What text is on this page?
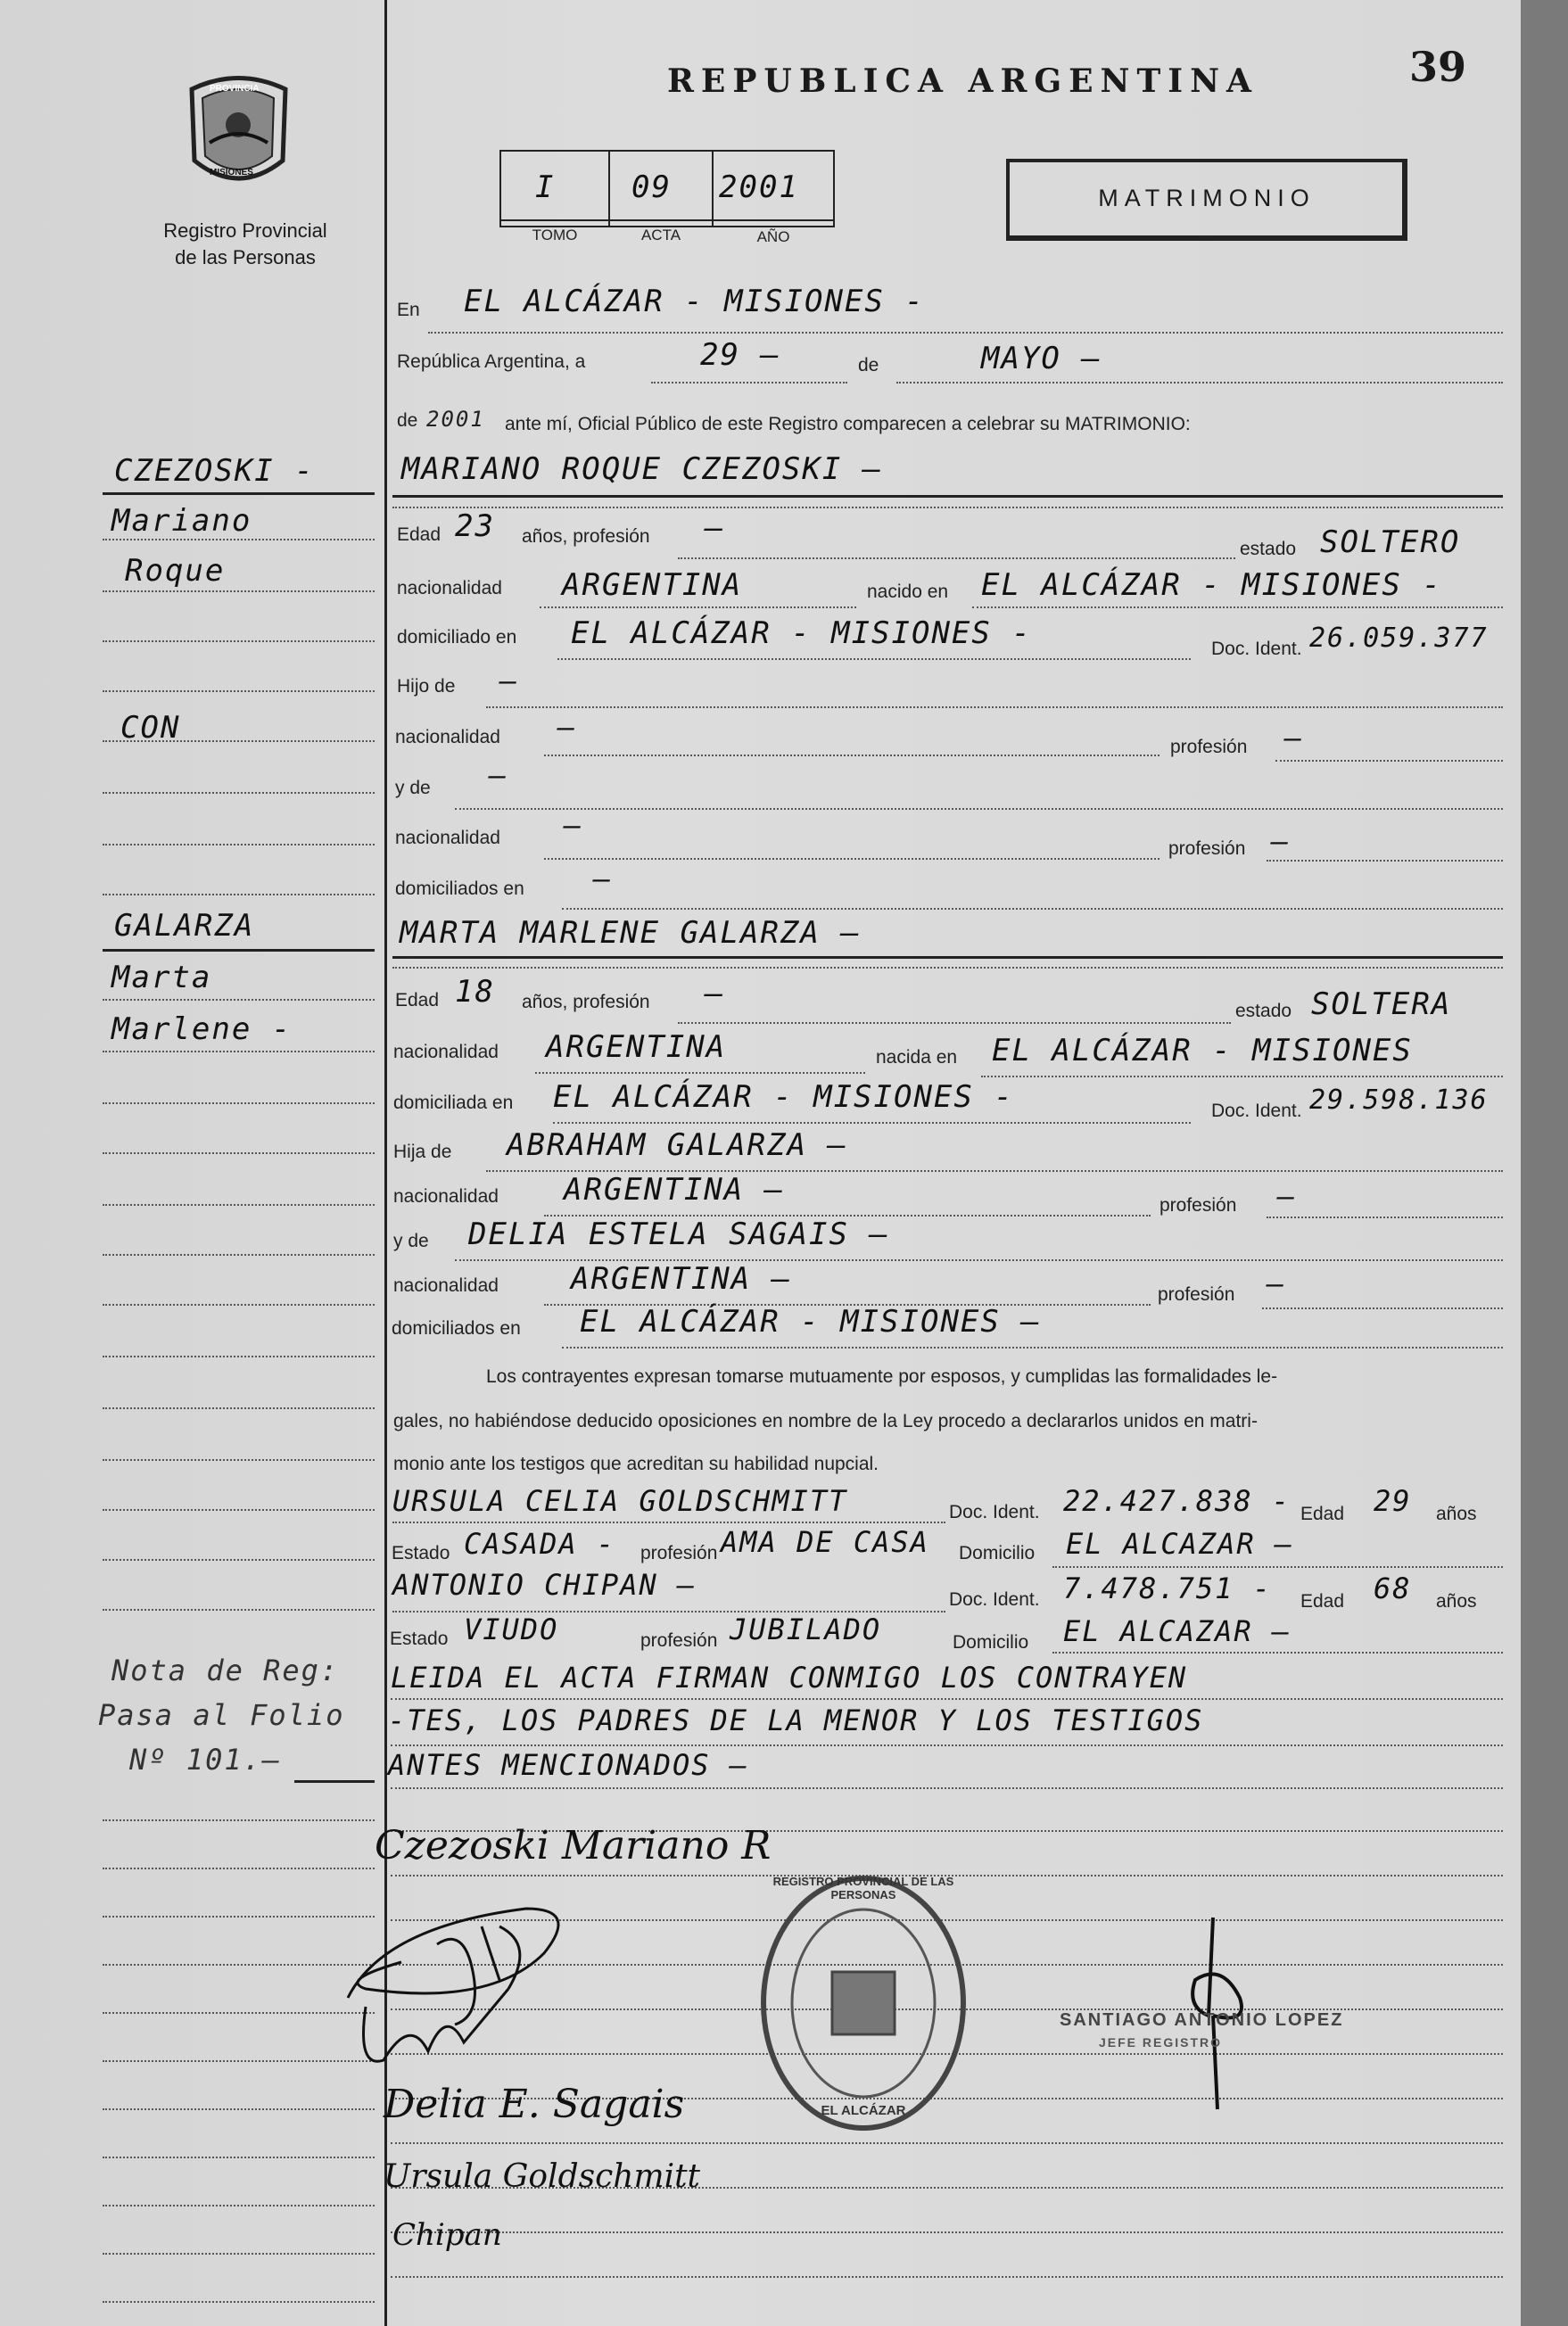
39
PROVINCIA
MISIONES
Registro Provincial
de las Personas
REPUBLICA ARGENTINA
MATRIMONIO
I	09 2001
TOMO	ACTA	AÑO
En EL ALCÁZAR - MISIONES -
República Argentina, a	29 —	de	MAYO —
de 2001 ante mí, Oficial Público de este Registro comparecen a celebrar su MATRIMONIO:
MARIANO ROQUE CZEZOSKI —
Edad 23 años, profesión —
estado SOLTERO
nacionalidad ARGENTINA	nacido en EL ALCÁZAR - MISIONES -
domiciliado en EL ALCÁZAR - MISIONES -	Doc. Ident. 26.059.377
Hijo de —
nacionalidad —
profesión —
y de —
nacionalidad —
profesión —
domiciliados en —
MARTA MARLENE GALARZA —
Edad 18 años, profesión —	estado SOLTERA
nacionalidad ARGENTINA	nacida en EL ALCÁZAR - MISIONES
domiciliada en EL ALCÁZAR - MISIONES -	Doc. Ident. 29.598.136
Hija de ABRAHAM GALARZA —
nacionalidad ARGENTINA —	profesión —
y de DELIA ESTELA SAGAIS —
nacionalidad ARGENTINA —	profesión —
domiciliados en EL ALCÁZAR - MISIONES —
Los contrayentes expresan tomarse mutuamente por esposos, y cumplidas las formalidades le-
gales, no habiéndose deducido oposiciones en nombre de la Ley procedo a declararlos unidos en matri-
monio ante los testigos que acreditan su habilidad nupcial.
URSULA CELIA GOLDSCHMITT	Doc. Ident. 22.427.838 - Edad 29 años
Estado CASADA - profesión AMA DE CASA Domicilio EL ALCAZAR —
ANTONIO CHIPAN —	Doc. Ident. 7.478.751 - Edad 68 años
Estado VIUDO	profesión JUBILADO	Domicilio EL ALCAZAR —
LEIDA EL ACTA FIRMAN CONMIGO LOS CONTRAYEN
-TES, LOS PADRES DE LA MENOR Y LOS TESTIGOS
ANTES MENCIONADOS —
CZEZOSKI -
Mariano
Roque
CON
GALARZA
Marta
Marlene -
Nota de Reg:
Pasa al Folio
Nº 101.—
Czezoski Mariano R
Delia E. Sagais
Ursula Goldschmitt
Chipan
REGISTRO PROVINCIAL DE LAS PERSONAS
EL ALCÁZAR
SANTIAGO ANTONIO LOPEZ
JEFE REGISTRO
